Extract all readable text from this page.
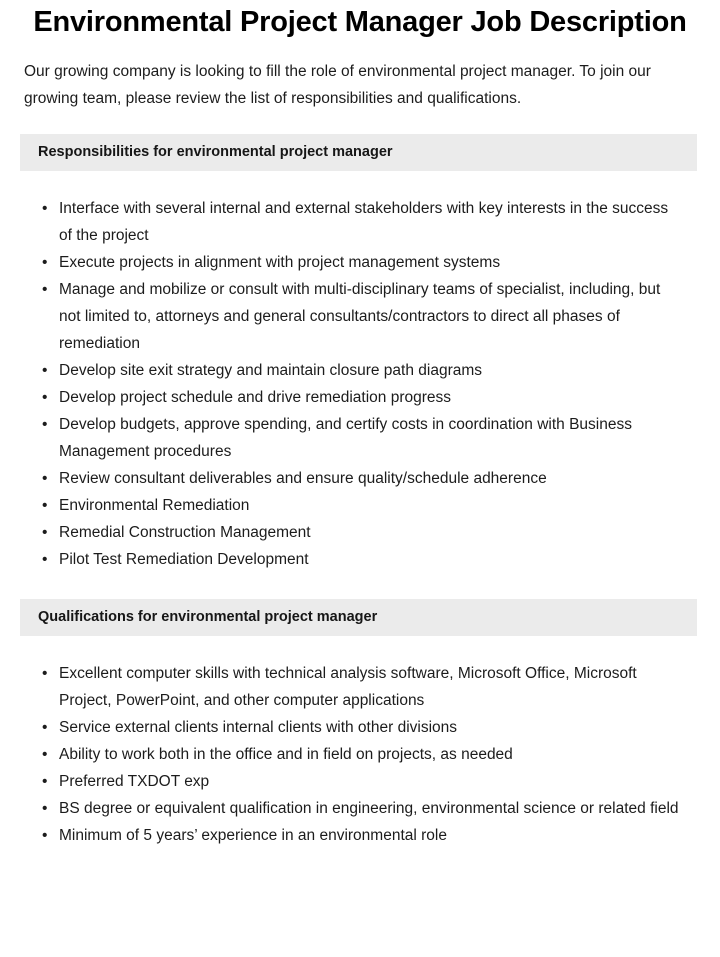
Environmental Project Manager Job Description

Our growing company is looking to fill the role of environmental project manager. To join our growing team, please review the list of responsibilities and qualifications.

Responsibilities for environmental project manager
• Interface with several internal and external stakeholders with key interests in the success of the project
• Execute projects in alignment with project management systems
• Manage and mobilize or consult with multi-disciplinary teams of specialist, including, but not limited to, attorneys and general consultants/contractors to direct all phases of remediation
• Develop site exit strategy and maintain closure path diagrams
• Develop project schedule and drive remediation progress
• Develop budgets, approve spending, and certify costs in coordination with Business Management procedures
• Review consultant deliverables and ensure quality/schedule adherence
• Environmental Remediation
• Remedial Construction Management
• Pilot Test Remediation Development
Qualifications for environmental project manager
• Excellent computer skills with technical analysis software, Microsoft Office, Microsoft Project, PowerPoint, and other computer applications
• Service external clients internal clients with other divisions
• Ability to work both in the office and in field on projects, as needed
• Preferred TXDOT exp
• BS degree or equivalent qualification in engineering, environmental science or related field
• Minimum of 5 years’ experience in an environmental role
